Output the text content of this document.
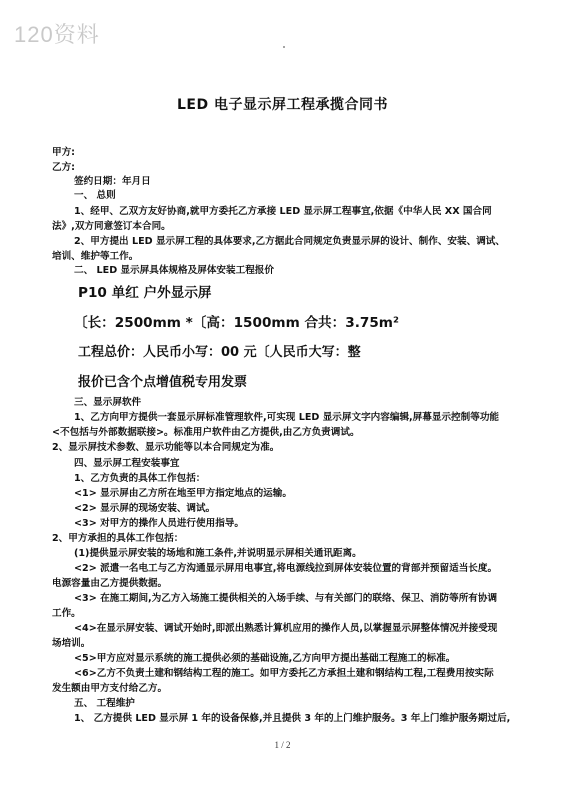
120资料
LED 电子显示屏工程承揽合同书
甲方:
乙方:
签约日期：年月日
一、 总则
1、经甲、乙双方友好协商,就甲方委托乙方承接 LED 显示屏工程事宜,依据《中华人民 XX 国合同
法》,双方同意签订本合同。
2、甲方提出 LED 显示屏工程的具体要求,乙方据此合同规定负责显示屏的设计、制作、安装、调试、
培训、维护等工作。
二、 LED 显示屏具体规格及屏体安装工程报价
P10 单红 户外显示屏
〔长：2500mm *〔高：1500mm 合共：3.75m²
工程总价：人民币小写：00 元〔人民币大写：整
报价已含个点增值税专用发票
三、显示屏软件
1、乙方向甲方提供一套显示屏标准管理软件,可实现 LED 显示屏文字内容编辑,屏幕显示控制等功能
<不包括与外部数据联接>。标准用户软件由乙方提供,由乙方负责调试。
2、显示屏技术参数、显示功能等以本合同规定为准。
四、显示屏工程安装事宜
1、乙方负责的具体工作包括：
<1> 显示屏由乙方所在地至甲方指定地点的运输。
<2> 显示屏的现场安装、调试。
<3> 对甲方的操作人员进行使用指导。
2、甲方承担的具体工作包括：
(1)提供显示屏安装的场地和施工条件,并说明显示屏相关通讯距离。
<2> 派遣一名电工与乙方沟通显示屏用电事宜,将电源线拉到屏体安装位置的背部并预留适当长度。
电源容量由乙方提供数据。
<3> 在施工期间,为乙方入场施工提供相关的入场手续、与有关部门的联络、保卫、消防等所有协调
工作。
<4>在显示屏安装、调试开始时,即派出熟悉计算机应用的操作人员,以掌握显示屏整体情况并接受现
场培训。
<5>甲方应对显示系统的施工提供必须的基础设施,乙方向甲方提出基础工程施工的标准。
<6>乙方不负责土建和钢结构工程的施工。如甲方委托乙方承担土建和钢结构工程,工程费用按实际
发生额由甲方支付给乙方。
五、 工程维护
1、 乙方提供 LED 显示屏 1 年的设备保修,并且提供 3 年的上门维护服务。3 年上门维护服务期过后,
1 / 2
